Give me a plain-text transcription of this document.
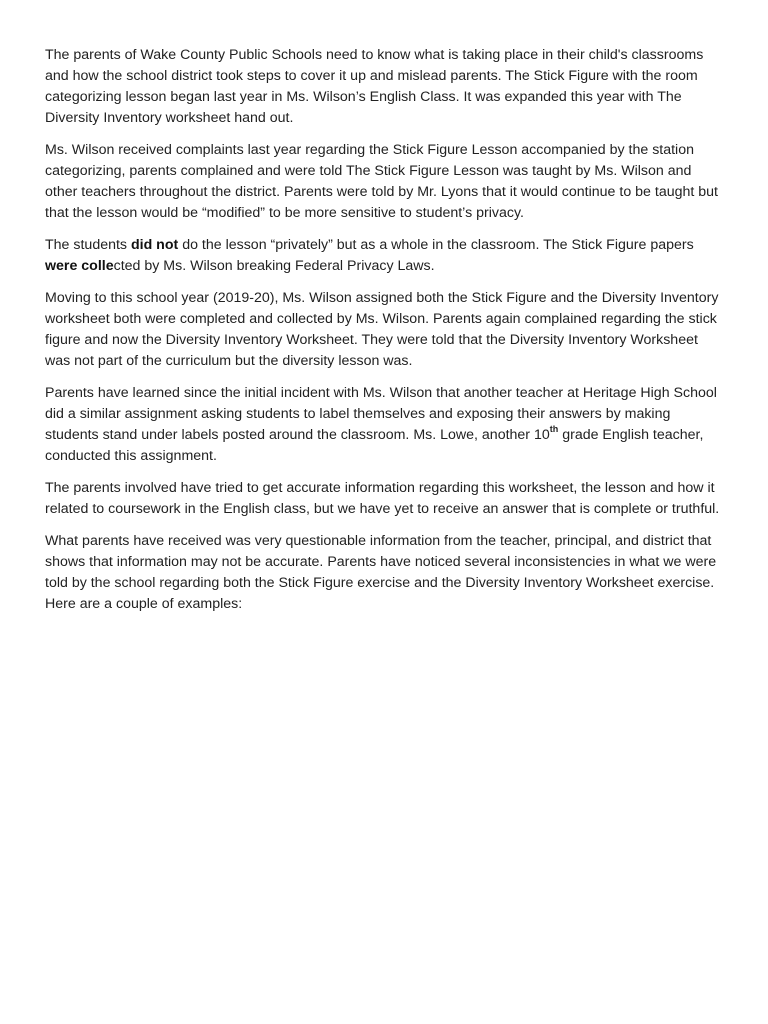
The parents of Wake County Public Schools need to know what is taking place in their child's classrooms and how the school district took steps to cover it up and mislead parents. The Stick Figure with the room categorizing lesson began last year in Ms. Wilson’s English Class. It was expanded this year with The Diversity Inventory worksheet hand out.

Ms. Wilson received complaints last year regarding the Stick Figure Lesson accompanied by the station categorizing, parents complained and were told The Stick Figure Lesson was taught by Ms. Wilson and other teachers throughout the district. Parents were told by Mr. Lyons that it would continue to be taught but that the lesson would be “modified” to be more sensitive to student’s privacy.

The students did not do the lesson “privately” but as a whole in the classroom. The Stick Figure papers were collected by Ms. Wilson breaking Federal Privacy Laws.

Moving to this school year (2019-20), Ms. Wilson assigned both the Stick Figure and the Diversity Inventory worksheet both were completed and collected by Ms. Wilson. Parents again complained regarding the stick figure and now the Diversity Inventory Worksheet. They were told that the Diversity Inventory Worksheet was not part of the curriculum but the diversity lesson was.

Parents have learned since the initial incident with Ms. Wilson that another teacher at Heritage High School did a similar assignment asking students to label themselves and exposing their answers by making students stand under labels posted around the classroom. Ms. Lowe, another 10th grade English teacher, conducted this assignment.

The parents involved have tried to get accurate information regarding this worksheet, the lesson and how it related to coursework in the English class, but we have yet to receive an answer that is complete or truthful.

What parents have received was very questionable information from the teacher, principal, and district that shows that information may not be accurate. Parents have noticed several inconsistencies in what we were told by the school regarding both the Stick Figure exercise and the Diversity Inventory Worksheet exercise. Here are a couple of examples:
